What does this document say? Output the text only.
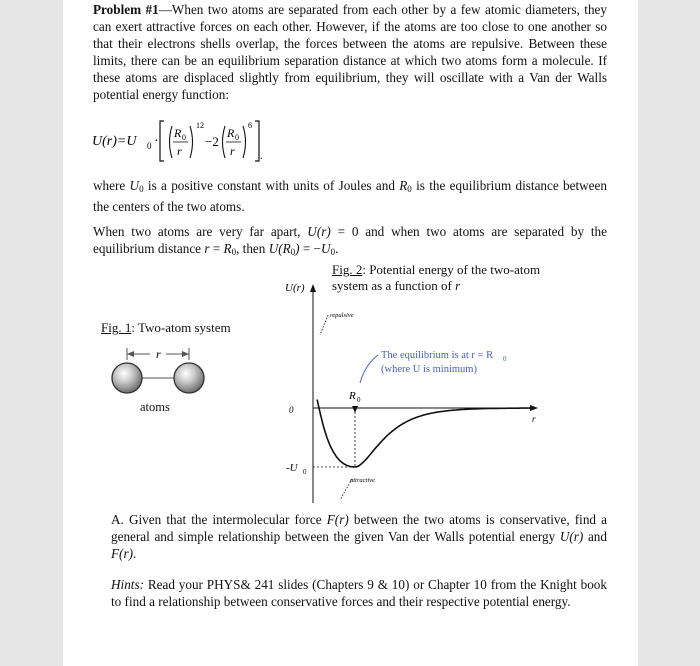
Problem #1—When two atoms are separated from each other by a few atomic diameters, they can exert attractive forces on each other. However, if the atoms are too close to one another so that their electrons shells overlap, the forces between the atoms are repulsive. Between these limits, there can be an equilibrium separation distance at which two atoms form a molecule. If these atoms are displaced slightly from equilibrium, they will oscillate with a Van der Walls potential energy function:
U(r)=U 0 ·
R 0
r
12
−2
R 0
r
6
.
where $U_0$ is a positive constant with units of Joules and $R_0$ is the equilibrium distance between the centers of the two atoms.
When two atoms are very far apart, U(r) = 0 and when two atoms are separated by the equilibrium distance $r = R_0$, then $U(R_0) = -U_0$.
Fig. 2: Potential energy of the two-atom
system as a function of r
Fig. 1: Two-atom system
r
atoms
U(r)
r
0
-U 0
R 0
repulsive
attractive
The equilibrium is at r = R 0
(where U is minimum)
A. Given that the intermolecular force F(r) between the two atoms is conservative, find a general and simple relationship between the given Van der Walls potential energy U(r) and F(r).
Hints: Read your PHYS& 241 slides (Chapters 9 & 10) or Chapter 10 from the Knight book to find a relationship between conservative forces and their respective potential energy.
